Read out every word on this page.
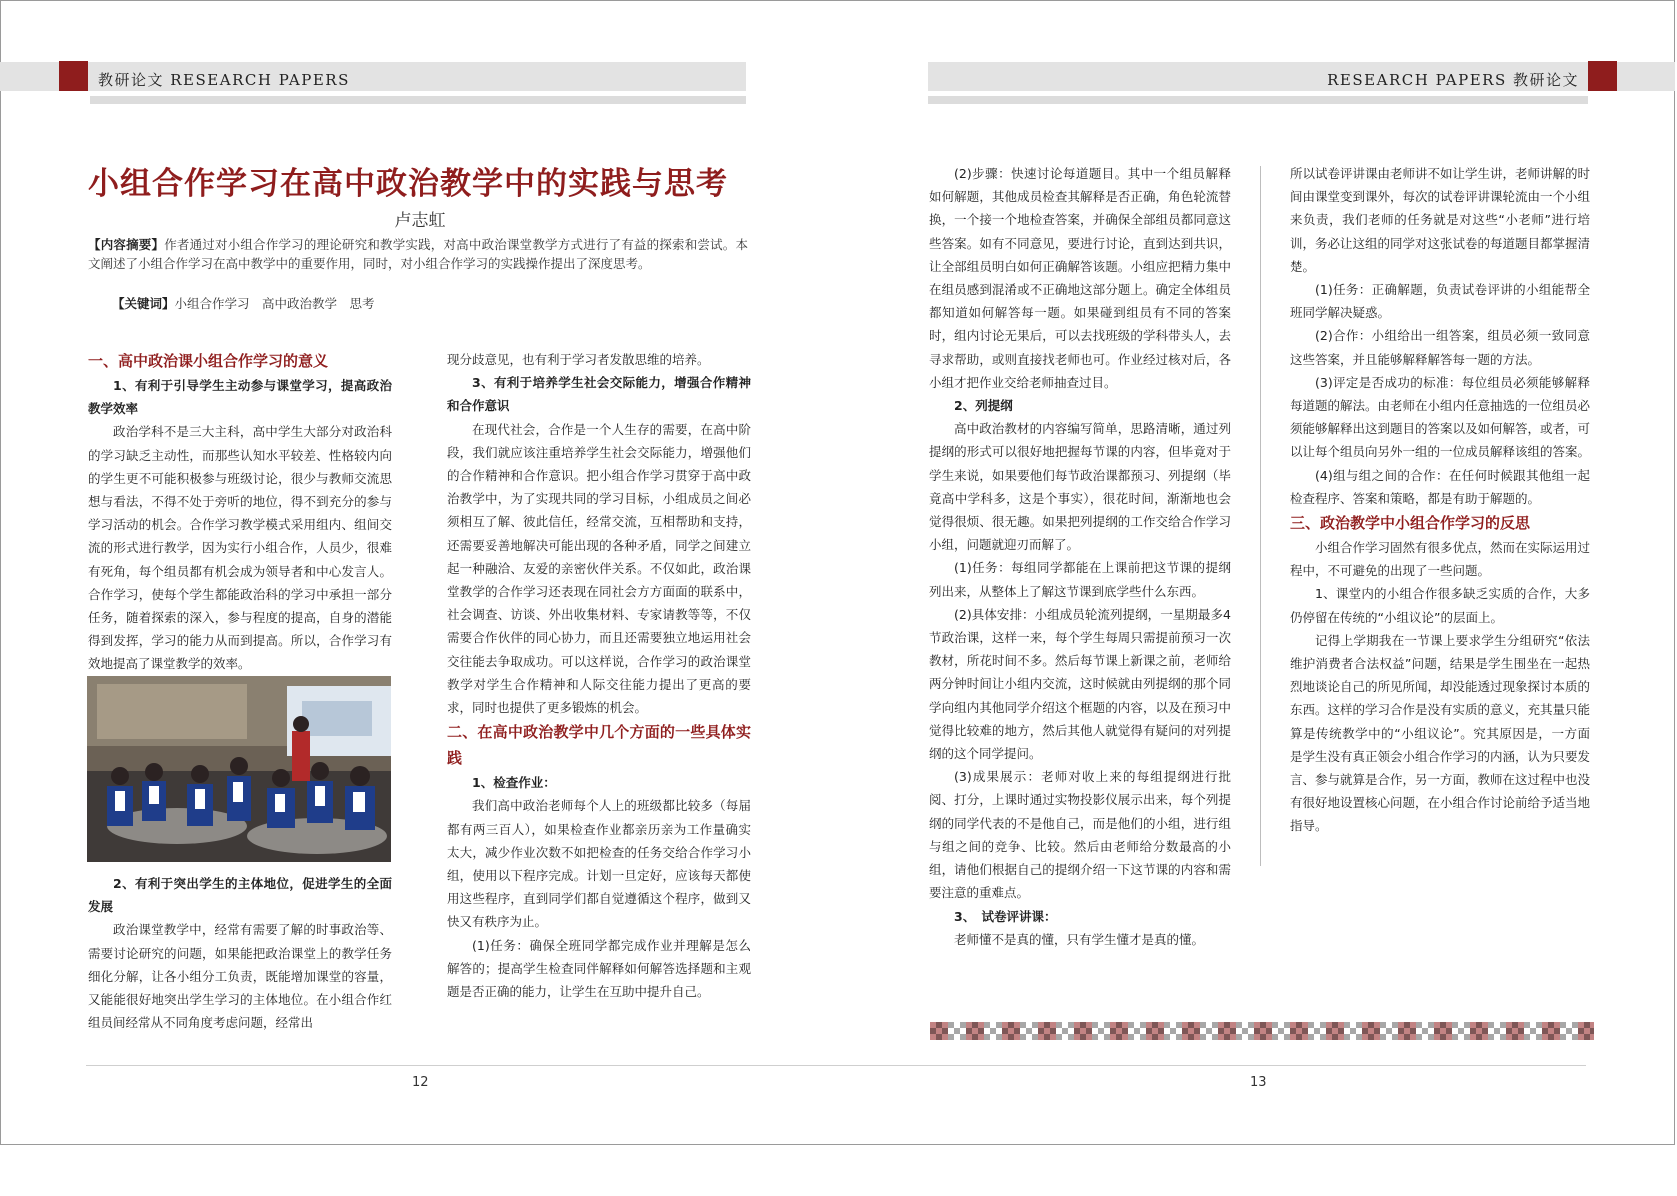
教研论文 RESEARCH PAPERS	RESEARCH PAPERS 教研论文
小组合作学习在高中政治教学中的实践与思考
卢志虹
【内容摘要】作者通过对小组合作学习的理论研究和教学实践，对高中政治课堂教学方式进行了有益的探索和尝试。本文阐述了小组合作学习在高中教学中的重要作用，同时，对小组合作学习的实践操作提出了深度思考。
【关键词】小组合作学习　高中政治教学　思考

一、高中政治课小组合作学习的意义

1、有利于引导学生主动参与课堂学习，提高政治教学效率

政治学科不是三大主科，高中学生大部分对政治科的学习缺乏主动性，而那些认知水平较差、性格较内向的学生更不可能积极参与班级讨论，很少与教师交流思想与看法，不得不处于旁听的地位，得不到充分的参与学习活动的机会。合作学习教学模式采用组内、组间交流的形式进行教学，因为实行小组合作，人员少，很难有死角，每个组员都有机会成为领导者和中心发言人。合作学习，使每个学生都能政治科的学习中承担一部分任务，随着探索的深入，参与程度的提高，自身的潜能得到发挥，学习的能力从而到提高。所以，合作学习有效地提高了课堂教学的效率。

2、有利于突出学生的主体地位，促进学生的全面发展

政治课堂教学中，经常有需要了解的时事政治等、需要讨论研究的问题，如果能把政治课堂上的教学任务细化分解，让各小组分工负责，既能增加课堂的容量，又能能很好地突出学生学习的主体地位。在小组合作红组员间经常从不同角度考虑问题，经常出

现分歧意见，也有利于学习者发散思维的培养。

3、有利于培养学生社会交际能力，增强合作精神和合作意识

在现代社会，合作是一个人生存的需要，在高中阶段，我们就应该注重培养学生社会交际能力，增强他们的合作精神和合作意识。把小组合作学习贯穿于高中政治教学中，为了实现共同的学习目标，小组成员之间必须相互了解、彼此信任，经常交流，互相帮助和支持，还需要妥善地解决可能出现的各种矛盾，同学之间建立起一种融洽、友爱的亲密伙伴关系。不仅如此，政治课堂教学的合作学习还表现在同社会方方面面的联系中，社会调查、访谈、外出收集材料、专家请教等等，不仅需要合作伙伴的同心协力，而且还需要独立地运用社会交往能去争取成功。可以这样说，合作学习的政治课堂教学对学生合作精神和人际交往能力提出了更高的要求，同时也提供了更多锻炼的机会。

二、在高中政治教学中几个方面的一些具体实践

1、检查作业：

我们高中政治老师每个人上的班级都比较多（每届都有两三百人），如果检查作业都亲历亲为工作量确实太大，减少作业次数不如把检查的任务交给合作学习小组，使用以下程序完成。计划一旦定好，应该每天都使用这些程序，直到同学们都自觉遵循这个程序，做到又快又有秩序为止。

(1)任务：确保全班同学都完成作业并理解是怎么解答的；提高学生检查同伴解释如何解答选择题和主观题是否正确的能力，让学生在互助中提升自己。

(2)步骤：快速讨论每道题目。其中一个组员解释如何解题，其他成员检查其解释是否正确，角色轮流替换，一个接一个地检查答案，并确保全部组员都同意这些答案。如有不同意见，要进行讨论，直到达到共识，让全部组员明白如何正确解答该题。小组应把精力集中在组员感到混淆或不正确地这部分题上。确定全体组员都知道如何解答每一题。如果碰到组员有不同的答案时，组内讨论无果后，可以去找班级的学科带头人，去寻求帮助，或则直接找老师也可。作业经过核对后，各小组才把作业交给老师抽查过目。

2、列提纲

高中政治教材的内容编写简单，思路清晰，通过列提纲的形式可以很好地把握每节课的内容，但毕竟对于学生来说，如果要他们每节政治课都预习、列提纲（毕竟高中学科多，这是个事实），很花时间，渐渐地也会觉得很烦、很无趣。如果把列提纲的工作交给合作学习小组，问题就迎刃而解了。

(1)任务：每组同学都能在上课前把这节课的提纲列出来，从整体上了解这节课到底学些什么东西。

(2)具体安排：小组成员轮流列提纲，一星期最多4节政治课，这样一来，每个学生每周只需提前预习一次教材，所花时间不多。然后每节课上新课之前，老师给两分钟时间让小组内交流，这时候就由列提纲的那个同学向组内其他同学介绍这个框题的内容，以及在预习中觉得比较难的地方，然后其他人就觉得有疑问的对列提纲的这个同学提问。

(3)成果展示：老师对收上来的每组提纲进行批阅、打分，上课时通过实物投影仪展示出来，每个列提纲的同学代表的不是他自己，而是他们的小组，进行组与组之间的竞争、比较。然后由老师给分数最高的小组，请他们根据自己的提纲介绍一下这节课的内容和需要注意的重难点。

3、　试卷评讲课：

老师懂不是真的懂，只有学生懂才是真的懂。

所以试卷评讲课由老师讲不如让学生讲，老师讲解的时间由课堂变到课外，每次的试卷评讲课轮流由一个小组来负责，我们老师的任务就是对这些“小老师”进行培训，务必让这组的同学对这张试卷的每道题目都掌握清楚。

(1)任务：正确解题，负责试卷评讲的小组能帮全班同学解决疑惑。

(2)合作：小组给出一组答案，组员必须一致同意这些答案，并且能够解释解答每一题的方法。

(3)评定是否成功的标准：每位组员必须能够解释每道题的解法。由老师在小组内任意抽选的一位组员必须能够解释出这到题目的答案以及如何解答，或者，可以让每个组员向另外一组的一位成员解释该组的答案。

(4)组与组之间的合作：在任何时候跟其他组一起检查程序、答案和策略，都是有助于解题的。

三、政治教学中小组合作学习的反思

小组合作学习固然有很多优点，然而在实际运用过程中，不可避免的出现了一些问题。

1、课堂内的小组合作很多缺乏实质的合作，大多仍停留在传统的“小组议论”的层面上。

记得上学期我在一节课上要求学生分组研究“依法维护消费者合法权益”问题，结果是学生围坐在一起热烈地谈论自己的所见所闻，却没能透过现象探讨本质的东西。这样的学习合作是没有实质的意义，充其量只能算是传统教学中的“小组议论”。究其原因是，一方面是学生没有真正领会小组合作学习的内涵，认为只要发言、参与就算是合作，另一方面，教师在这过程中也没有很好地设置核心问题，在小组合作讨论前给予适当地指导。

12	13
